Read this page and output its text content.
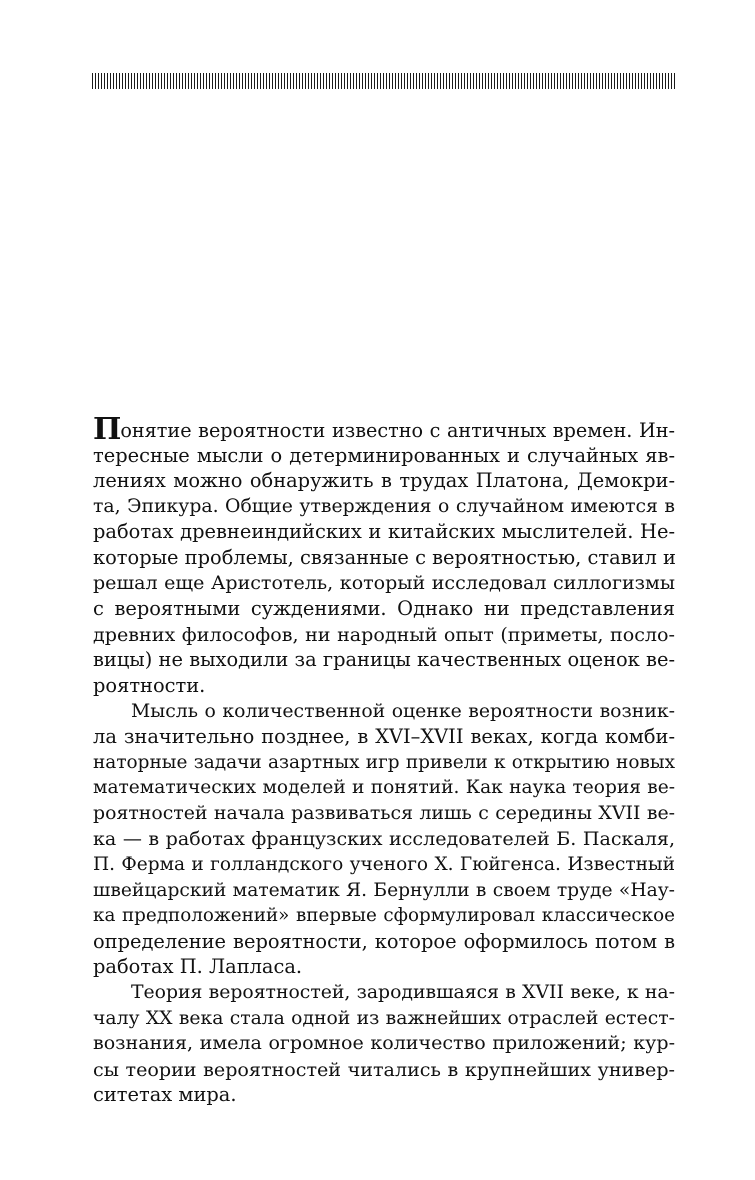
Понятие вероятности известно с античных времен. Ин-
тересные мысли о детерминированных и случайных яв-
лениях можно обнаружить в трудах Платона, Демокри-
та, Эпикура. Общие утверждения о случайном имеются в
работах древнеиндийских и китайских мыслителей. Не-
которые проблемы, связанные с вероятностью, ставил и
решал еще Аристотель, который исследовал силлогизмы
с вероятными суждениями. Однако ни представления
древних философов, ни народный опыт (приметы, посло-
вицы) не выходили за границы качественных оценок ве-
роятности.
Мысль о количественной оценке вероятности возник-
ла значительно позднее, в XVI–XVII веках, когда комби-
наторные задачи азартных игр привели к открытию новых
математических моделей и понятий. Как наука теория ве-
роятностей начала развиваться лишь с середины XVII ве-
ка — в работах французских исследователей Б. Паскаля,
П. Ферма и голландского ученого Х. Гюйгенса. Известный
швейцарский математик Я. Бернулли в своем труде «Нау-
ка предположений» впервые сформулировал классическое
определение вероятности, которое оформилось потом в
работах П. Лапласа.
Теория вероятностей, зародившаяся в XVII веке, к на-
чалу XX века стала одной из важнейших отраслей естест-
вознания, имела огромное количество приложений; кур-
сы теории вероятностей читались в крупнейших универ-
ситетах мира.
